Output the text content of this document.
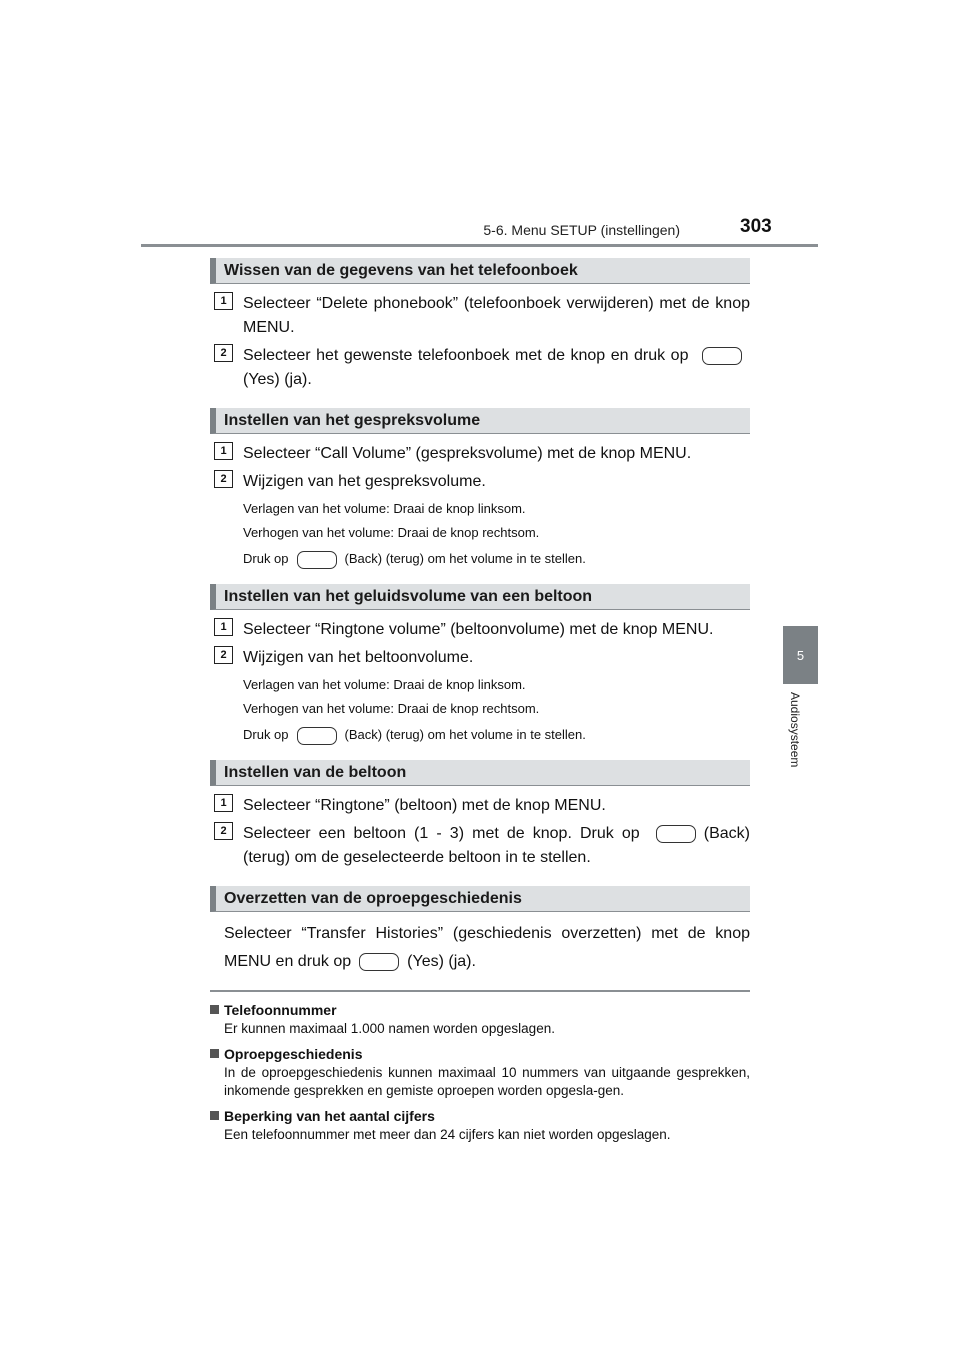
5-6. Menu SETUP (instellingen)	303
5
Audiosysteem
Wissen van de gegevens van het telefoonboek
1	Selecteer “Delete phonebook” (telefoonboek verwijderen) met de knop MENU.
2	Selecteer het gewenste telefoonboek met de knop en druk op (Yes) (ja).
Instellen van het gespreksvolume
1	Selecteer “Call Volume” (gespreksvolume) met de knop MENU.
2	Wijzigen van het gespreksvolume.
Verlagen van het volume: Draai de knop linksom.
Verhogen van het volume: Draai de knop rechtsom.
Druk op	(Back) (terug) om het volume in te stellen.
Instellen van het geluidsvolume van een beltoon
1	Selecteer “Ringtone volume” (beltoonvolume) met de knop MENU.
2	Wijzigen van het beltoonvolume.
Verlagen van het volume: Draai de knop linksom.
Verhogen van het volume: Draai de knop rechtsom.
Druk op	(Back) (terug) om het volume in te stellen.
Instellen van de beltoon
1	Selecteer “Ringtone” (beltoon) met de knop MENU.
2	Selecteer een beltoon (1 - 3) met de knop. Druk op	(Back) (terug) om de geselecteerde beltoon in te stellen.
Overzetten van de oproepgeschiedenis
Selecteer “Transfer Histories” (geschiedenis overzetten) met de knop MENU en druk op	(Yes) (ja).
Telefoonnummer
Er kunnen maximaal 1.000 namen worden opgeslagen.
Oproepgeschiedenis
In de oproepgeschiedenis kunnen maximaal 10 nummers van uitgaande gesprekken, inkomende gesprekken en gemiste oproepen worden opgesla-gen.
Beperking van het aantal cijfers
Een telefoonnummer met meer dan 24 cijfers kan niet worden opgeslagen.
